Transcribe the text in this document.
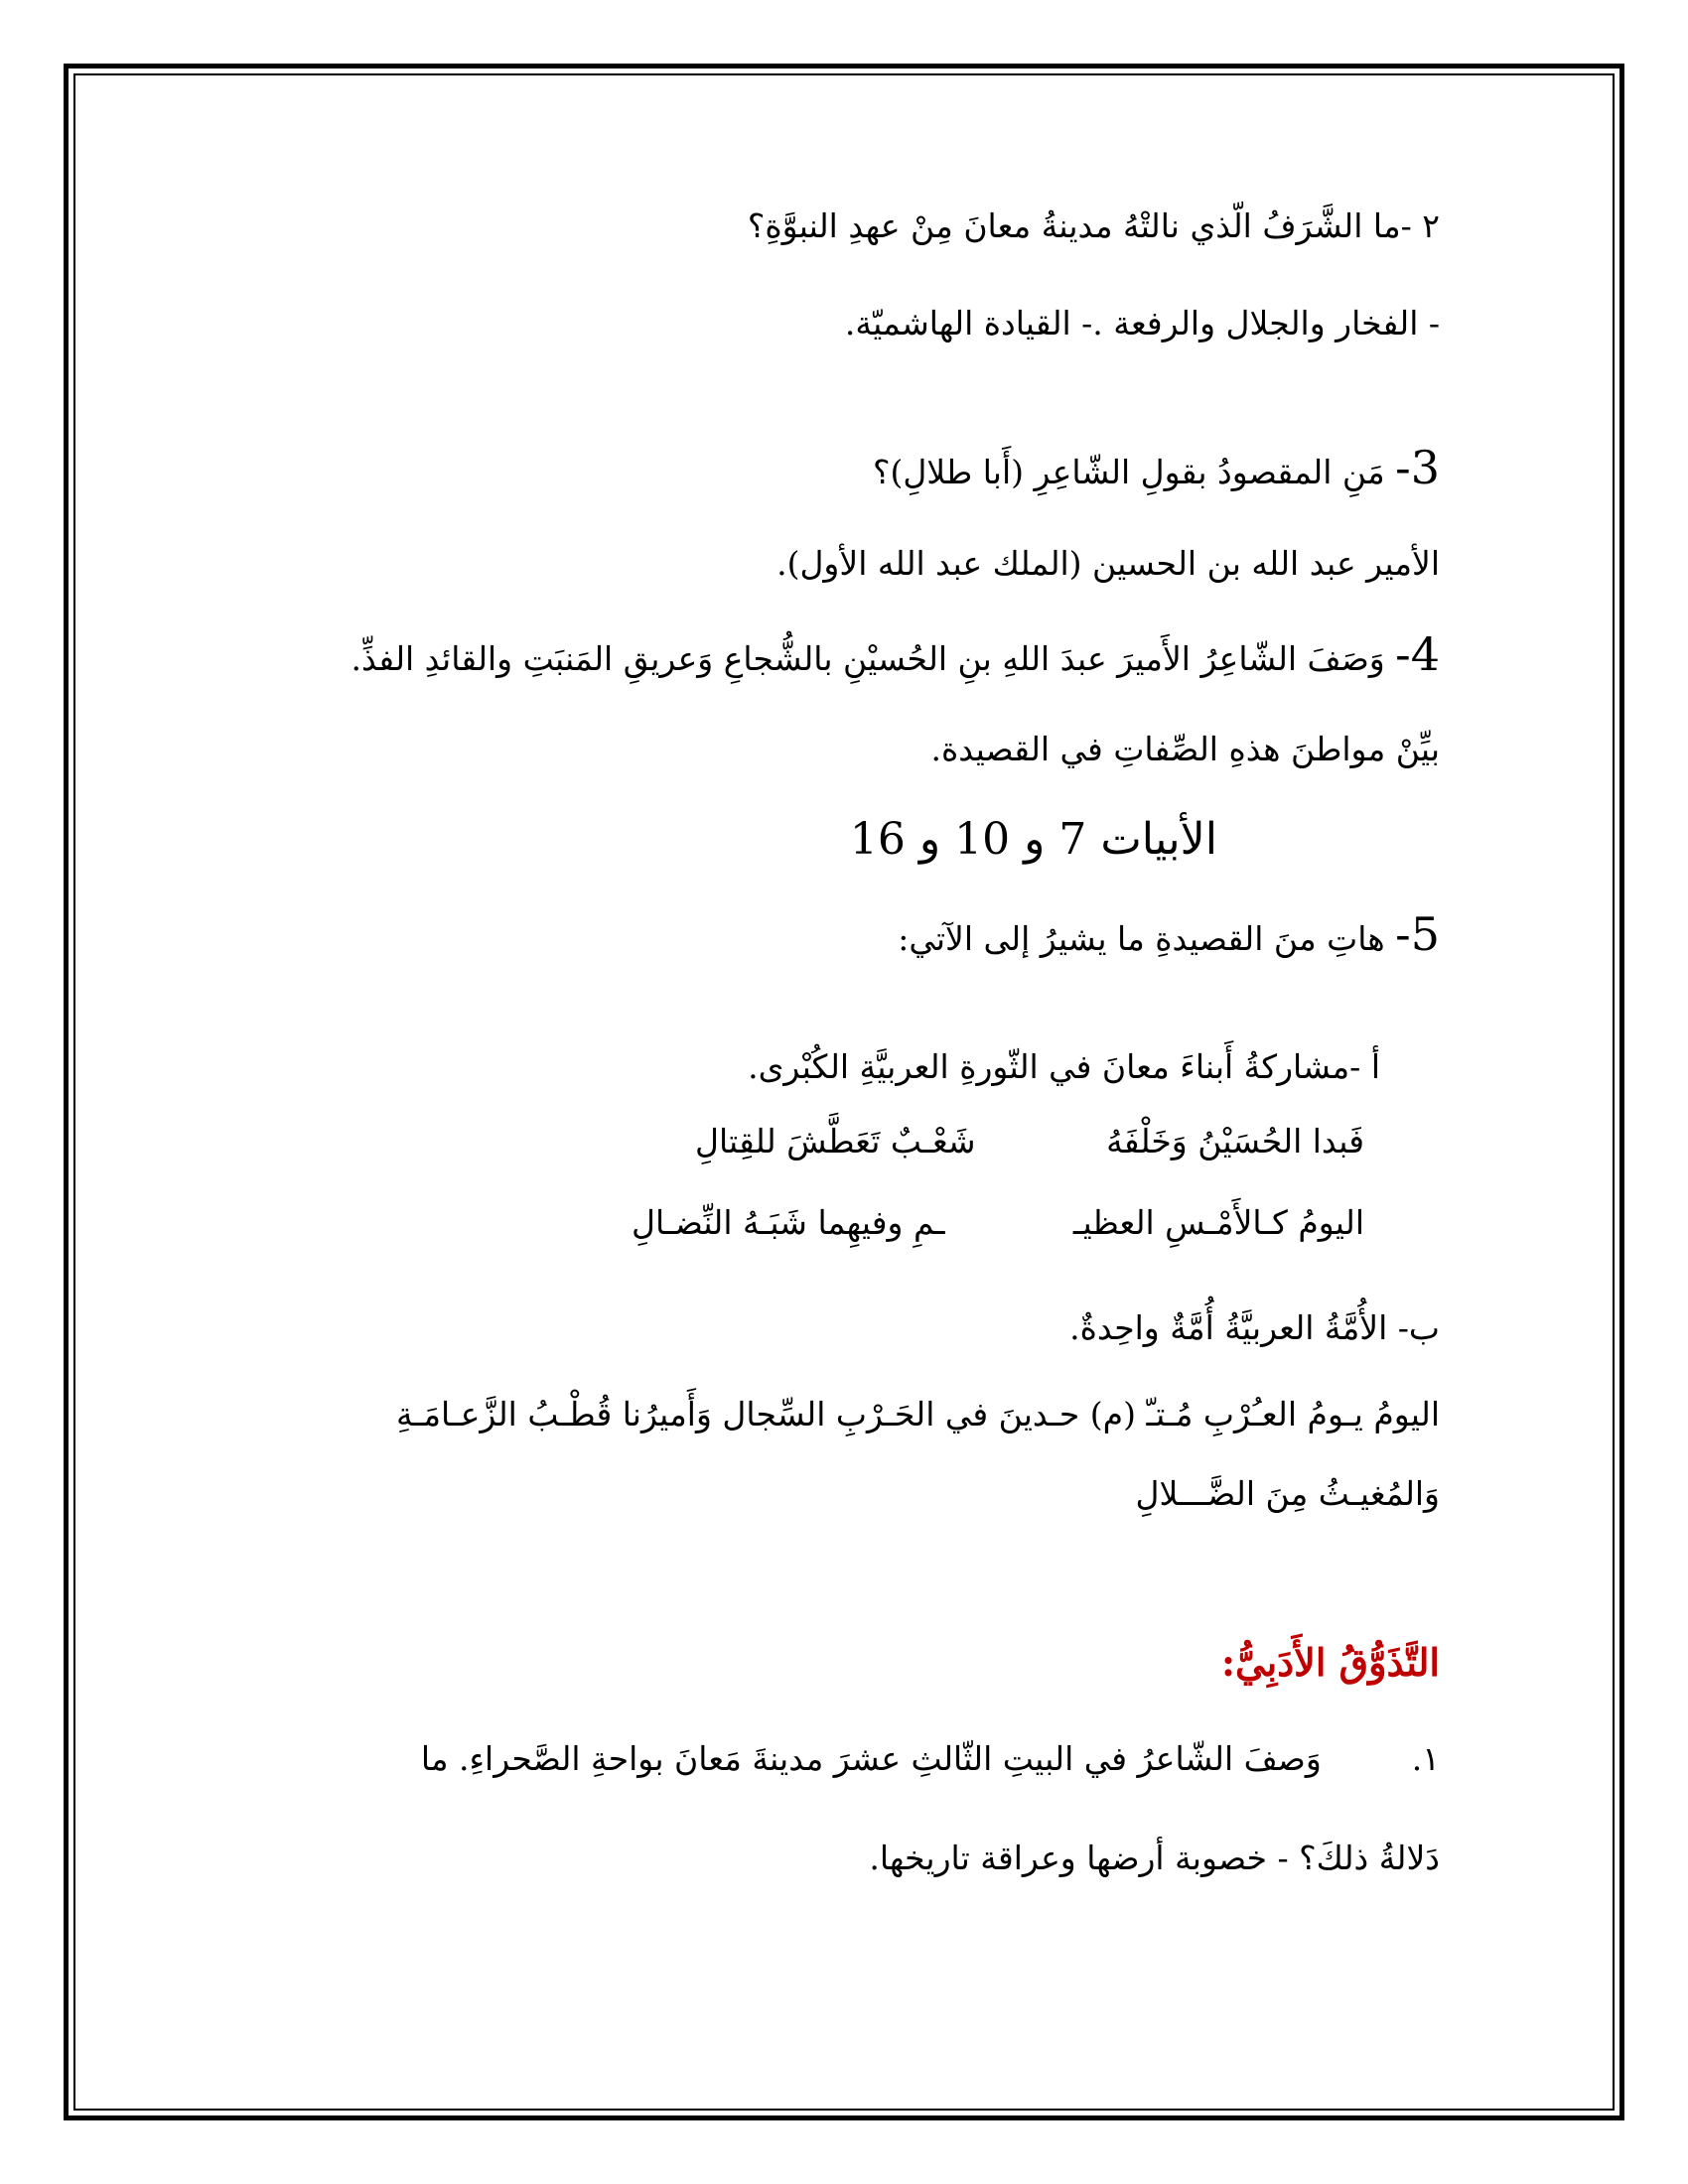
٢ -ما الشَّرَفُ الّذي نالتْهُ مدينةُ معانَ مِنْ عهدِ النبوَّةِ؟
- الفخار والجلال والرفعة .- القيادة الهاشميّة.
3- مَنِ المقصودُ بقولِ الشّاعِرِ (أَبا طلالِ)؟
الأمير عبد الله بن الحسين (الملك عبد الله الأول).
4- وَصَفَ الشّاعِرُ الأَميرَ عبدَ اللهِ بنِ الحُسيْنِ بالشُّجاعِ وَعريقِ المَنبَتِ والقائدِ الفذِّ.
بيِّنْ مواطنَ هذهِ الصِّفاتِ في القصيدة.
الأبيات 7 و 10 و 16
5- هاتِ منَ القصيدةِ ما يشيرُ إلى الآتي:
أ -مشاركةُ أَبناءَ معانَ في الثّورةِ العربيَّةِ الكُبْرى.
فَبدا الحُسَيْنُ وَخَلْفَهُ
شَعْـبٌ تَعَطَّشَ للقِتالِ
اليومُ كـالأَمْـسِ العظيـ
ـمِ وفيهِما شَبَـهُ النِّضـالِ
ب- الأُمَّةُ العربيَّةُ أُمَّةٌ واحِدةٌ.
اليومُ يـومُ العـُرْبِ مُـتـّ (م) حـدينَ في الحَـرْبِ السِّجال وَأَميرُنا قُطْـبُ الزَّعـامَـةِ
وَالمُغيـثُ مِنَ الضَّـــلالِ
التَّذَوُّقُ الأَدَبِيُّ:
١.  وَصفَ الشّاعرُ في البيتِ الثّالثِ عشرَ مدينةَ مَعانَ بواحةِ الصَّحراءِ. ما
دَلالةُ ذلكَ؟ - خصوبة أرضها وعراقة تاريخها.
